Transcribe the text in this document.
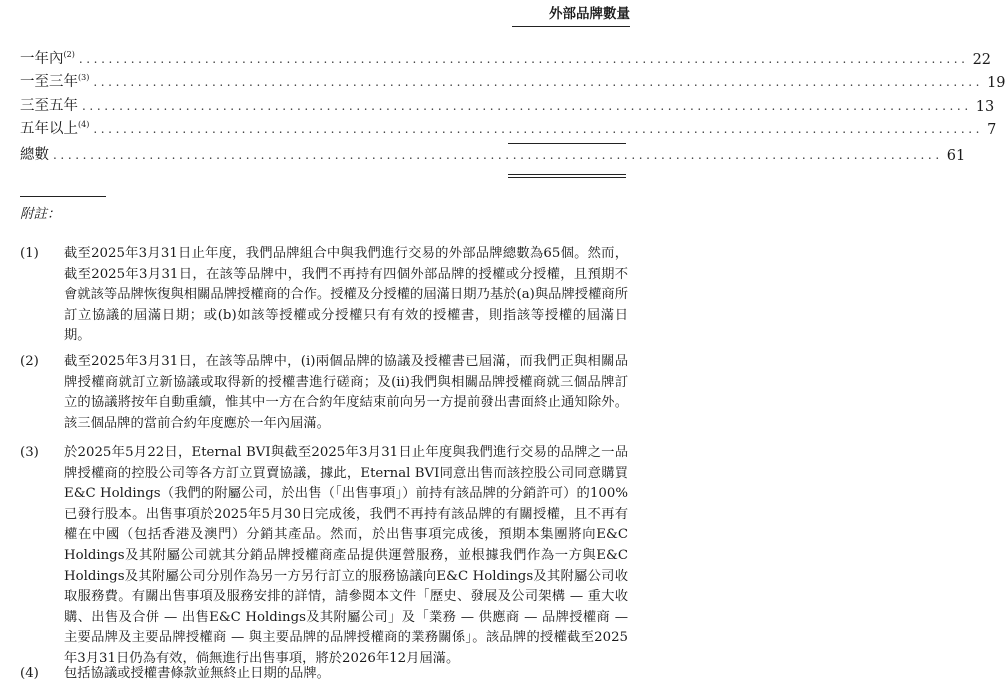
外部品牌數量
一年內$^{(2)}$ ........................................................................................................................ 22
一至三年$^{(3)}$ ........................................................................................................................ 19
三至五年 ........................................................................................................................ 13
五年以上$^{(4)}$ ........................................................................................................................ 7
總數 ........................................................................................................................ 61
附註：
(1)	截至2025年3月31日止年度，我們品牌組合中與我們進行交易的外部品牌總數為65個。然而，截至2025年3月31日，在該等品牌中，我們不再持有四個外部品牌的授權或分授權，且預期不會就該等品牌恢復與相關品牌授權商的合作。授權及分授權的屆滿日期乃基於(a)與品牌授權商所訂立協議的屆滿日期；或(b)如該等授權或分授權只有有效的授權書，則指該等授權的屆滿日期。
(2)	截至2025年3月31日，在該等品牌中，(i)兩個品牌的協議及授權書已屆滿，而我們正與相關品牌授權商就訂立新協議或取得新的授權書進行磋商；及(ii)我們與相關品牌授權商就三個品牌訂立的協議將按年自動重續，惟其中一方在合約年度結束前向另一方提前發出書面終止通知除外。該三個品牌的當前合約年度應於一年內屆滿。
(3)	於2025年5月22日，Eternal BVI與截至2025年3月31日止年度與我們進行交易的品牌之一品牌授權商的控股公司等各方訂立買賣協議，據此，Eternal BVI同意出售而該控股公司同意購買E&C Holdings（我們的附屬公司，於出售（「出售事項」）前持有該品牌的分銷許可）的100%已發行股本。出售事項於2025年5月30日完成後，我們不再持有該品牌的有關授權，且不再有權在中國（包括香港及澳門）分銷其產品。然而，於出售事項完成後，預期本集團將向E&C Holdings及其附屬公司就其分銷品牌授權商產品提供運營服務，並根據我們作為一方與E&C Holdings及其附屬公司分別作為另一方另行訂立的服務協議向E&C Holdings及其附屬公司收取服務費。有關出售事項及服務安排的詳情，請參閱本文件「歷史、發展及公司架構 — 重大收購、出售及合併 — 出售E&C Holdings及其附屬公司」及「業務 — 供應商 — 品牌授權商 — 主要品牌及主要品牌授權商 — 與主要品牌的品牌授權商的業務關係」。該品牌的授權截至2025年3月31日仍為有效，倘無進行出售事項，將於2026年12月屆滿。
(4)	包括協議或授權書條款並無終止日期的品牌。
